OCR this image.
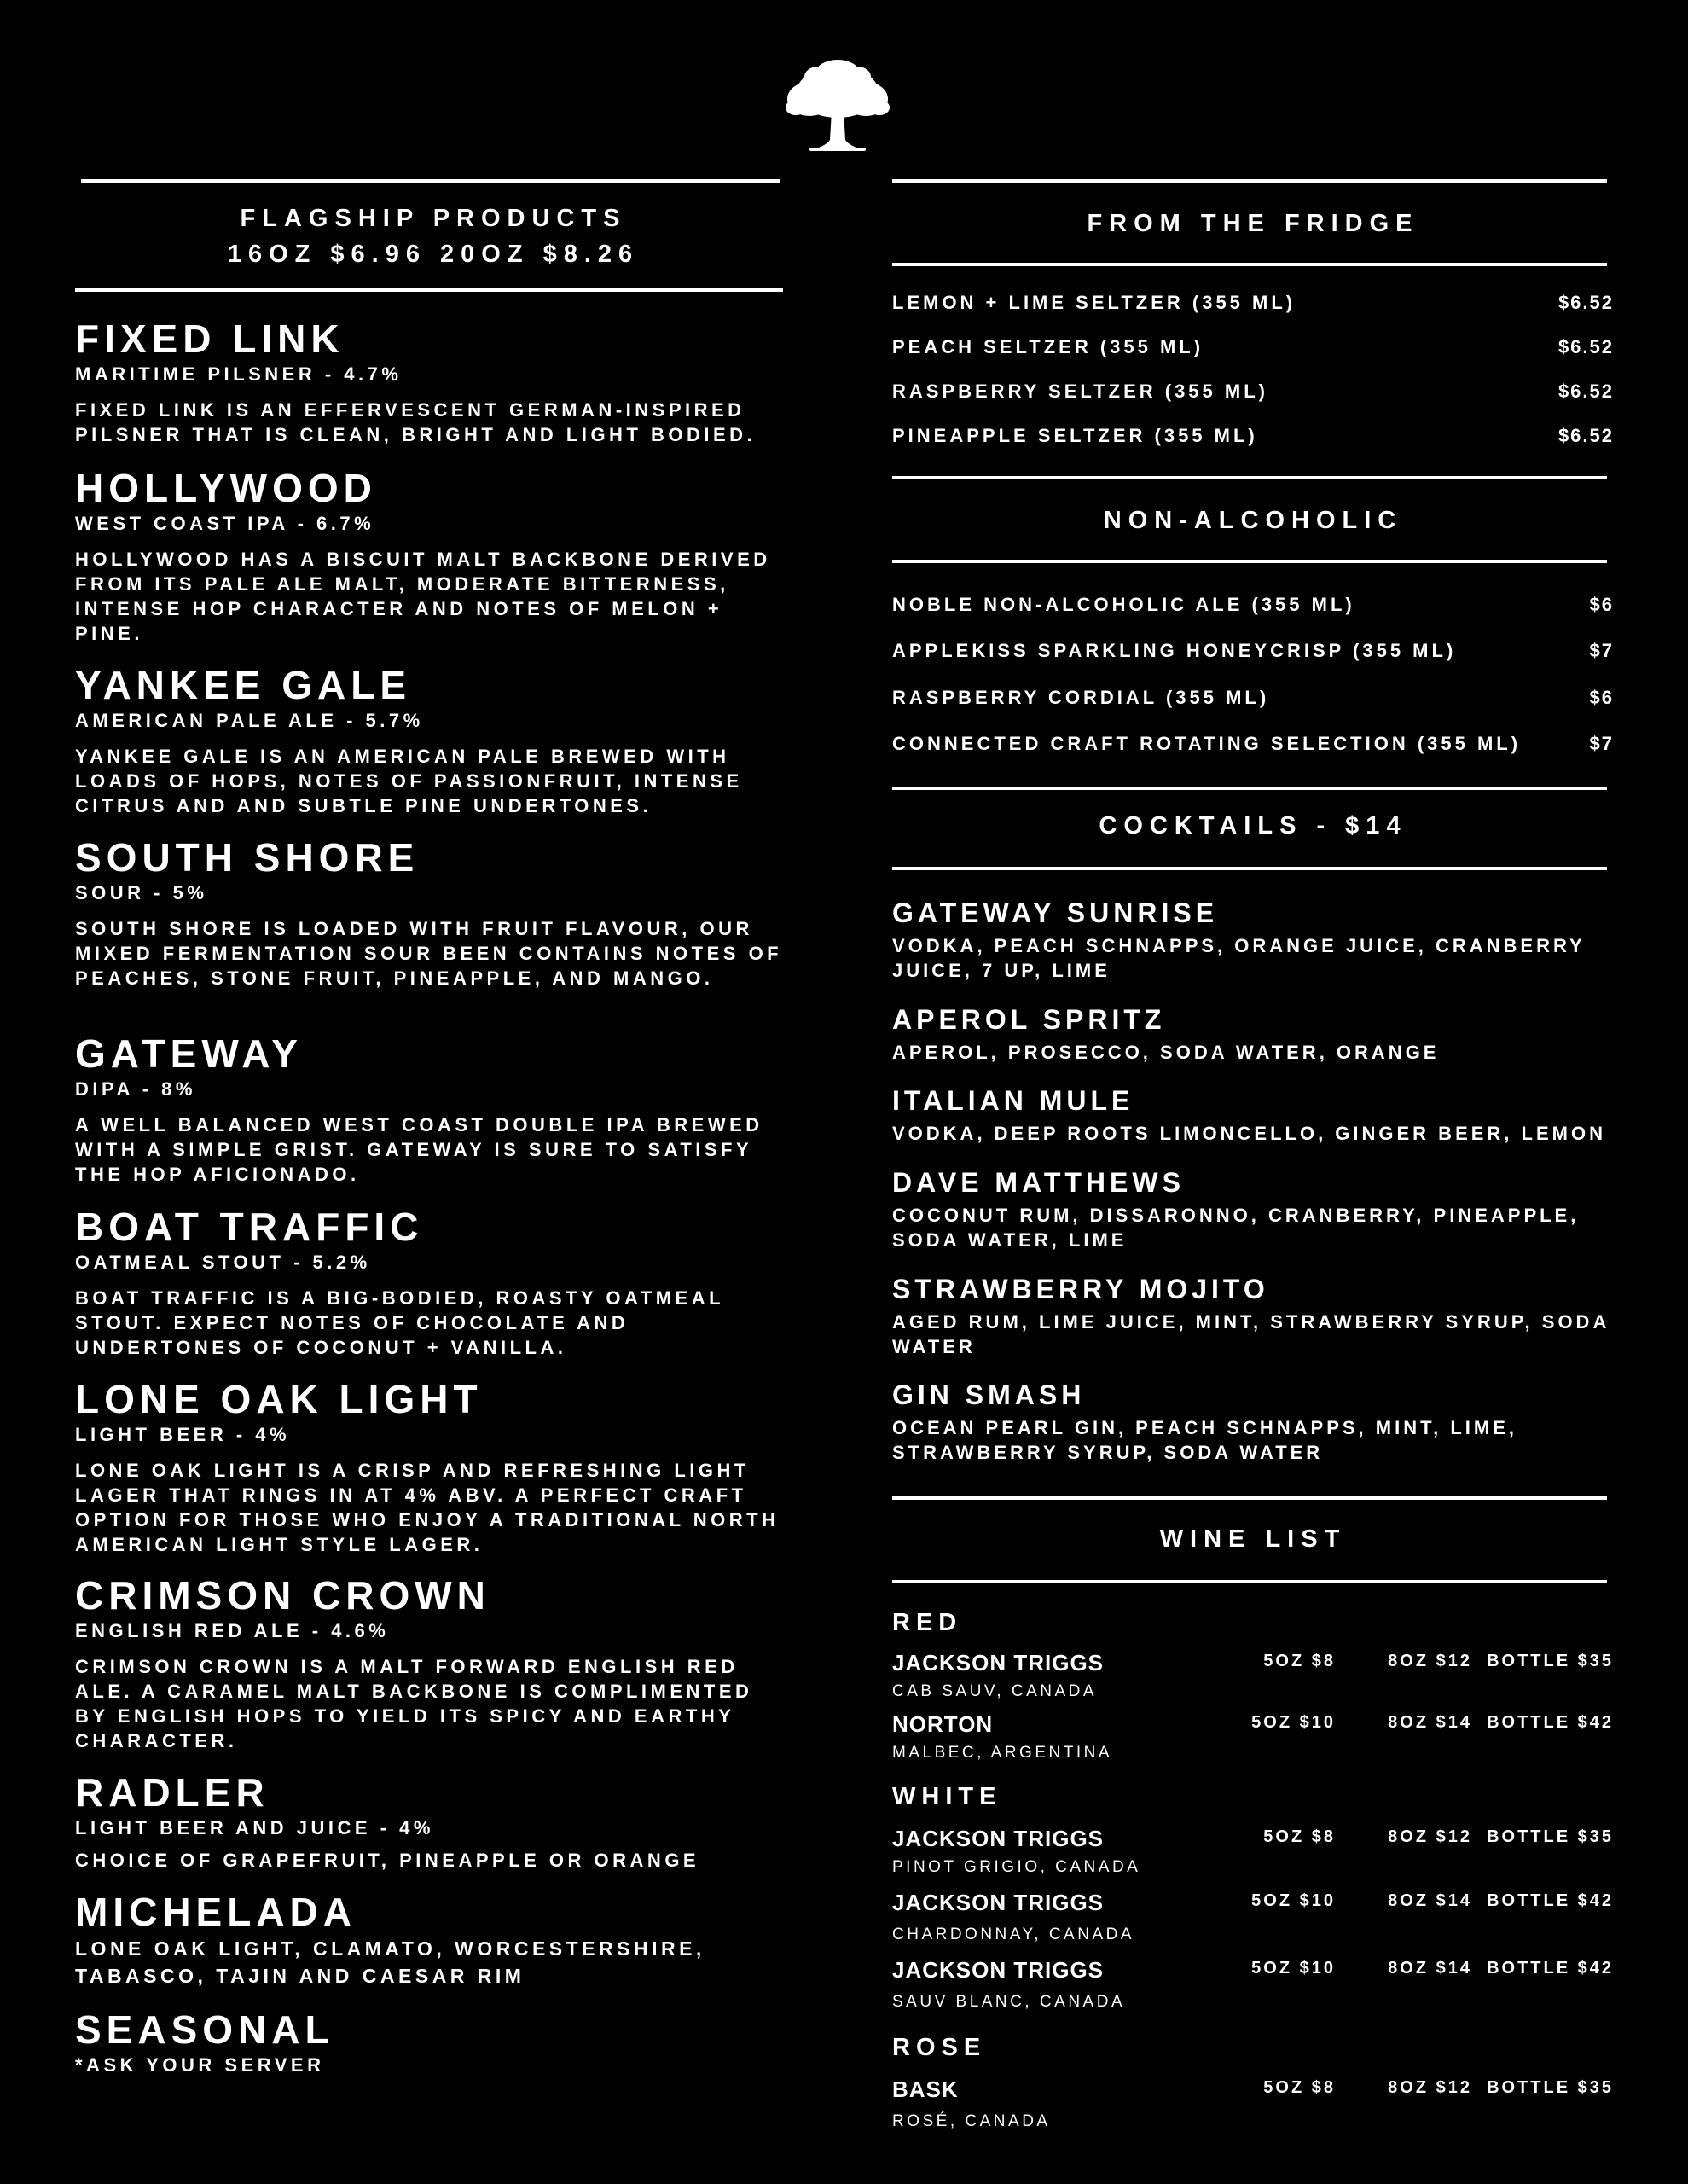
FLAGSHIP PRODUCTS
16OZ $6.96 20OZ $8.26
FIXED LINK
MARITIME PILSNER - 4.7%
FIXED LINK IS AN EFFERVESCENT GERMAN-INSPIRED PILSNER THAT IS CLEAN, BRIGHT AND LIGHT BODIED.
HOLLYWOOD
WEST COAST IPA - 6.7%
HOLLYWOOD HAS A BISCUIT MALT BACKBONE DERIVED FROM ITS PALE ALE MALT, MODERATE BITTERNESS, INTENSE HOP CHARACTER AND NOTES OF MELON + PINE.
YANKEE GALE
AMERICAN PALE ALE - 5.7%
YANKEE GALE IS AN AMERICAN PALE BREWED WITH LOADS OF HOPS, NOTES OF PASSIONFRUIT, INTENSE CITRUS AND AND SUBTLE PINE UNDERTONES.
SOUTH SHORE
SOUR - 5%
SOUTH SHORE IS LOADED WITH FRUIT FLAVOUR, OUR MIXED FERMENTATION SOUR BEEN CONTAINS NOTES OF PEACHES, STONE FRUIT, PINEAPPLE, AND MANGO.
GATEWAY
DIPA - 8%
A WELL BALANCED WEST COAST DOUBLE IPA BREWED WITH A SIMPLE GRIST. GATEWAY IS SURE TO SATISFY THE HOP AFICIONADO.
BOAT TRAFFIC
OATMEAL STOUT - 5.2%
BOAT TRAFFIC IS A BIG-BODIED, ROASTY OATMEAL STOUT. EXPECT NOTES OF CHOCOLATE AND UNDERTONES OF COCONUT + VANILLA.
LONE OAK LIGHT
LIGHT BEER - 4%
LONE OAK LIGHT IS A CRISP AND REFRESHING LIGHT LAGER THAT RINGS IN AT 4% ABV. A PERFECT CRAFT OPTION FOR THOSE WHO ENJOY A TRADITIONAL NORTH AMERICAN LIGHT STYLE LAGER.
CRIMSON CROWN
ENGLISH RED ALE - 4.6%
CRIMSON CROWN IS A MALT FORWARD ENGLISH RED ALE. A CARAMEL MALT BACKBONE IS COMPLIMENTED BY ENGLISH HOPS TO YIELD ITS SPICY AND EARTHY CHARACTER.
RADLER
LIGHT BEER AND JUICE - 4%
CHOICE OF GRAPEFRUIT, PINEAPPLE OR ORANGE
MICHELADA
LONE OAK LIGHT, CLAMATO, WORCESTERSHIRE, TABASCO, TAJIN AND CAESAR RIM
SEASONAL
*ASK YOUR SERVER
FROM THE FRIDGE
LEMON + LIME SELTZER (355 ML)	$6.52
PEACH SELTZER (355 ML)	$6.52
RASPBERRY SELTZER (355 ML)	$6.52
PINEAPPLE SELTZER (355 ML)	$6.52
NON-ALCOHOLIC
NOBLE NON-ALCOHOLIC ALE (355 ML)	$6
APPLEKISS SPARKLING HONEYCRISP (355 ML)	$7
RASPBERRY CORDIAL (355 ML)	$6
CONNECTED CRAFT ROTATING SELECTION (355 ML)	$7
COCKTAILS - $14
GATEWAY SUNRISE
VODKA, PEACH SCHNAPPS, ORANGE JUICE, CRANBERRY JUICE, 7 UP, LIME
APEROL SPRITZ
APEROL, PROSECCO, SODA WATER, ORANGE
ITALIAN MULE
VODKA, DEEP ROOTS LIMONCELLO, GINGER BEER, LEMON
DAVE MATTHEWS
COCONUT RUM, DISSARONNO, CRANBERRY, PINEAPPLE, SODA WATER, LIME
STRAWBERRY MOJITO
AGED RUM, LIME JUICE, MINT, STRAWBERRY SYRUP, SODA WATER
GIN SMASH
OCEAN PEARL GIN, PEACH SCHNAPPS, MINT, LIME, STRAWBERRY SYRUP, SODA WATER
WINE LIST
RED
JACKSON TRIGGS
CAB SAUV, CANADA
5OZ $8	8OZ $12 BOTTLE $35
NORTON
MALBEC, ARGENTINA
5OZ $10	8OZ $14 BOTTLE $42
WHITE
JACKSON TRIGGS
PINOT GRIGIO, CANADA
5OZ $8	8OZ $12 BOTTLE $35
JACKSON TRIGGS
CHARDONNAY, CANADA
5OZ $10	8OZ $14 BOTTLE $42
JACKSON TRIGGS
SAUV BLANC, CANADA
5OZ $10	8OZ $14 BOTTLE $42
ROSE
BASK
ROSÉ, CANADA
5OZ $8	8OZ $12 BOTTLE $35
